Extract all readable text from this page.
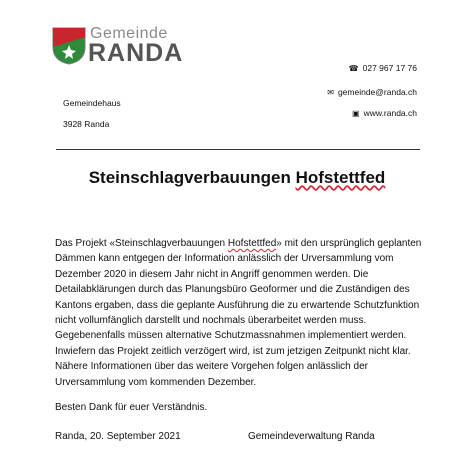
Gemeinde
RANDA
☎ 027 967 17 76
✉ gemeinde@randa.ch
▣ www.randa.ch
Gemeindehaus
3928 Randa
Steinschlagverbauungen Hofstettfed

Das Projekt «Steinschlagverbauungen Hofstettfed» mit den ursprünglich geplanten Dämmen kann entgegen der Information anlässlich der Urversammlung vom Dezember 2020 in diesem Jahr nicht in Angriff genommen werden. Die Detailabklärungen durch das Planungsbüro Geoformer und die Zuständigen des Kantons ergaben, dass die geplante Ausführung die zu erwartende Schutzfunktion nicht vollumfänglich darstellt und nochmals überarbeitet werden muss. Gegebenenfalls müssen alternative Schutzmassnahmen implementiert werden. Inwiefern das Projekt zeitlich verzögert wird, ist zum jetzigen Zeitpunkt nicht klar.

Nähere Informationen über das weitere Vorgehen folgen anlässlich der Urversammlung vom kommenden Dezember.

Besten Dank für euer Verständnis.

Randa, 20. September 2021	Gemeindeverwaltung Randa
